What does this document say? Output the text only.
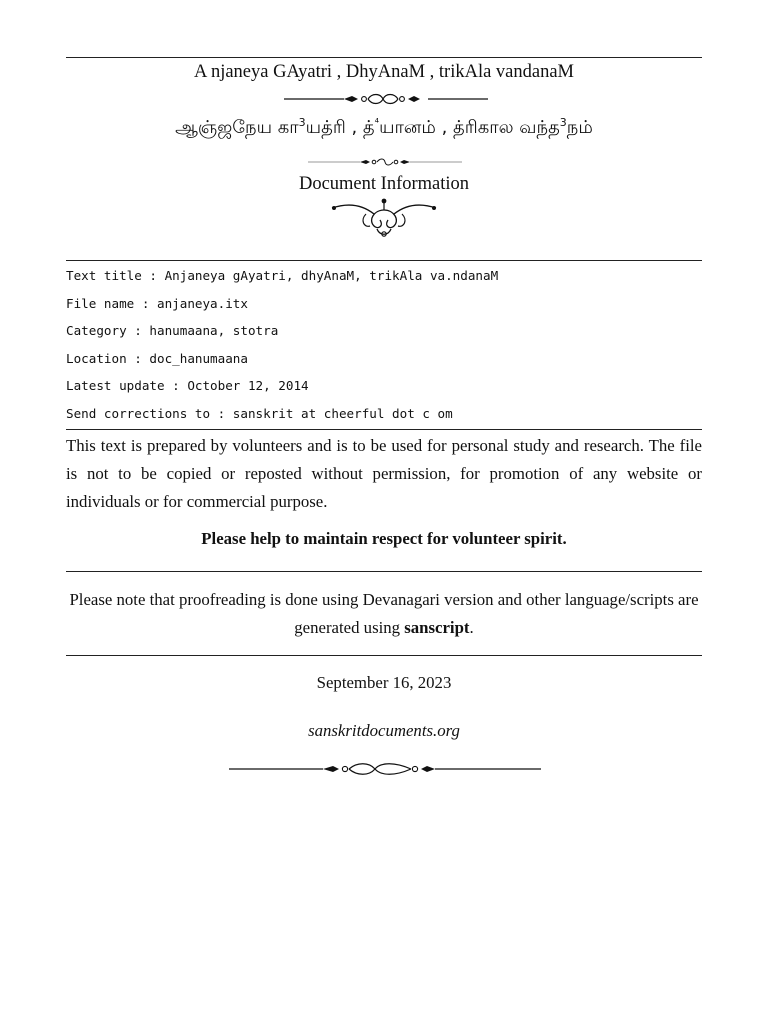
A njaneya GAyatri , DhyAnaM , trikAla vandanaM
ஆஞ்ஜநேய கா$^3$யத்ரி , த்$^{^4}$யானம் , த்ரிகால வந்த$^3$நம்
Document Information
Text title : Anjaneya gAyatri, dhyAnaM, trikAla va.ndanaM
File name : anjaneya.itx
Category : hanumaana, stotra
Location : doc_hanumaana
Latest update : October 12, 2014
Send corrections to : sanskrit at cheerful dot c om
This text is prepared by volunteers and is to be used for personal study and research. The file is not to be copied or reposted without permission, for promotion of any website or individuals or for commercial purpose.
Please help to maintain respect for volunteer spirit.
Please note that proofreading is done using Devanagari version and other language/scripts are generated using sanscript.
September 16, 2023
sanskritdocuments.org
